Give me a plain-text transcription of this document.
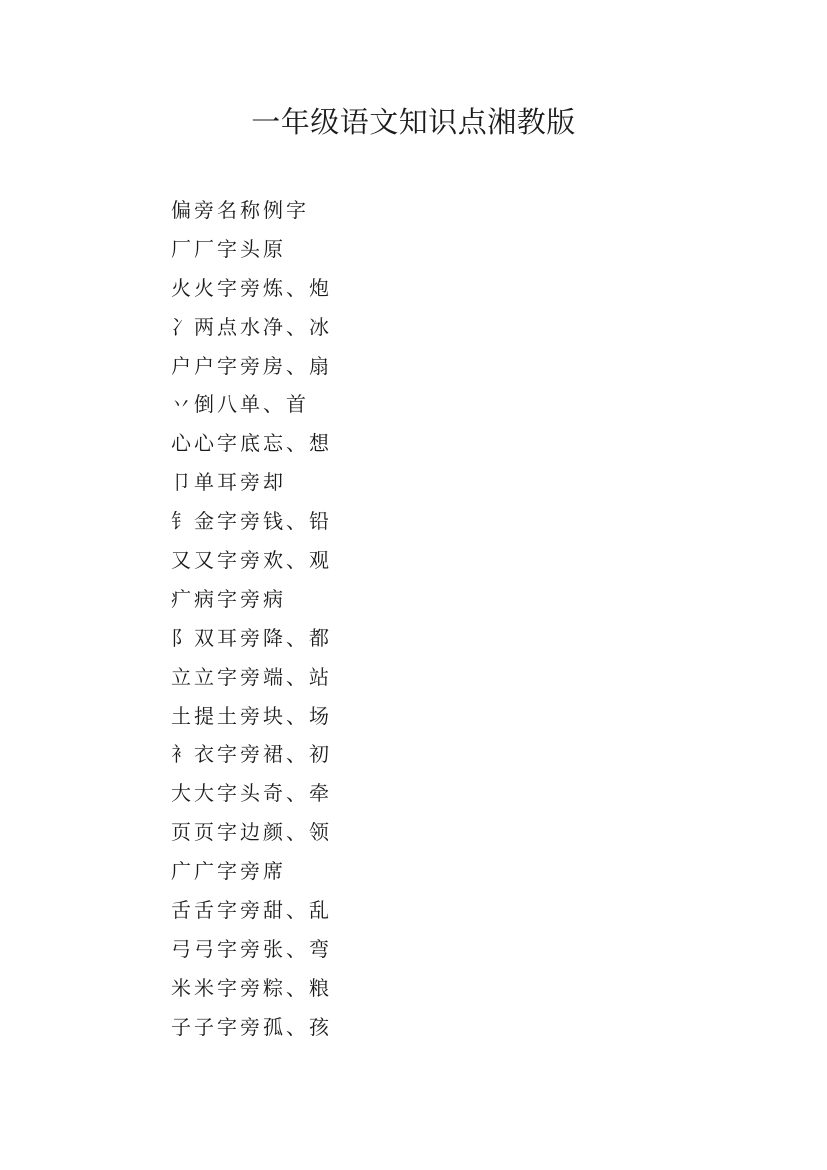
一年级语文知识点湘教版
偏旁名称例字
厂厂字头原
火火字旁炼、炮
冫两点水净、冰
户户字旁房、扇
丷倒八单、首
心心字底忘、想
卩单耳旁却
钅金字旁钱、铅
又又字旁欢、观
疒病字旁病
阝双耳旁降、都
立立字旁端、站
土提土旁块、场
衤衣字旁裙、初
大大字头奇、牵
页页字边颜、领
广广字旁席
舌舌字旁甜、乱
弓弓字旁张、弯
米米字旁粽、粮
子子字旁孤、孩
